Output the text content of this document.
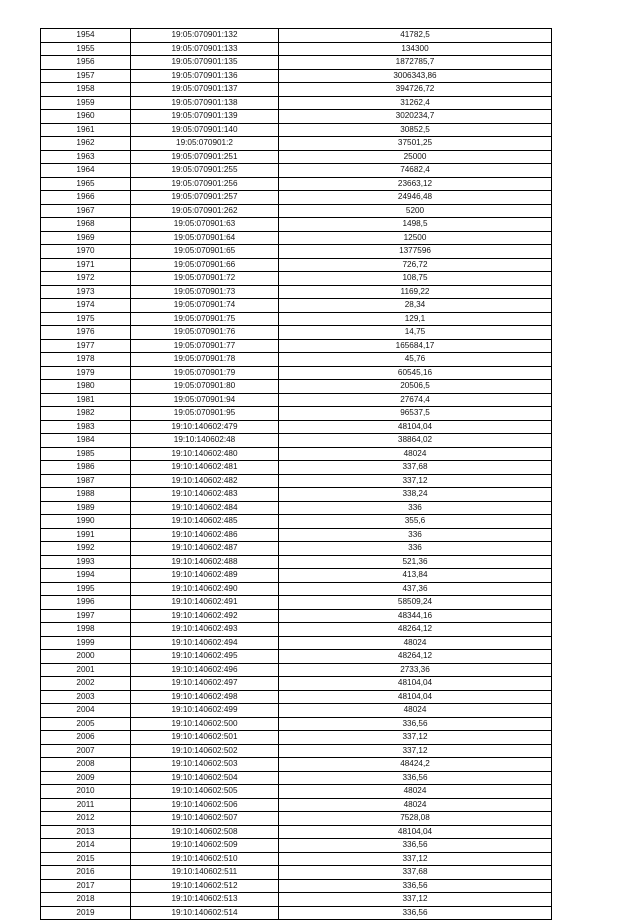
1954	19:05:070901:132	41782,5
1955	19:05:070901:133	134300
1956	19:05:070901:135	1872785,7
1957	19:05:070901:136	3006343,86
1958	19:05:070901:137	394726,72
1959	19:05:070901:138	31262,4
1960	19:05:070901:139	3020234,7
1961	19:05:070901:140	30852,5
1962	19:05:070901:2	37501,25
1963	19:05:070901:251	25000
1964	19:05:070901:255	74682,4
1965	19:05:070901:256	23663,12
1966	19:05:070901:257	24946,48
1967	19:05:070901:262	5200
1968	19:05:070901:63	1498,5
1969	19:05:070901:64	12500
1970	19:05:070901:65	1377596
1971	19:05:070901:66	726,72
1972	19:05:070901:72	108,75
1973	19:05:070901:73	1169,22
1974	19:05:070901:74	28,34
1975	19:05:070901:75	129,1
1976	19:05:070901:76	14,75
1977	19:05:070901:77	165684,17
1978	19:05:070901:78	45,76
1979	19:05:070901:79	60545,16
1980	19:05:070901:80	20506,5
1981	19:05:070901:94	27674,4
1982	19:05:070901:95	96537,5
1983	19:10:140602:479	48104,04
1984	19:10:140602:48	38864,02
1985	19:10:140602:480	48024
1986	19:10:140602:481	337,68
1987	19:10:140602:482	337,12
1988	19:10:140602:483	338,24
1989	19:10:140602:484	336
1990	19:10:140602:485	355,6
1991	19:10:140602:486	336
1992	19:10:140602:487	336
1993	19:10:140602:488	521,36
1994	19:10:140602:489	413,84
1995	19:10:140602:490	437,36
1996	19:10:140602:491	58509,24
1997	19:10:140602:492	48344,16
1998	19:10:140602:493	48264,12
1999	19:10:140602:494	48024
2000	19:10:140602:495	48264,12
2001	19:10:140602:496	2733,36
2002	19:10:140602:497	48104,04
2003	19:10:140602:498	48104,04
2004	19:10:140602:499	48024
2005	19:10:140602:500	336,56
2006	19:10:140602:501	337,12
2007	19:10:140602:502	337,12
2008	19:10:140602:503	48424,2
2009	19:10:140602:504	336,56
2010	19:10:140602:505	48024
2011	19:10:140602:506	48024
2012	19:10:140602:507	7528,08
2013	19:10:140602:508	48104,04
2014	19:10:140602:509	336,56
2015	19:10:140602:510	337,12
2016	19:10:140602:511	337,68
2017	19:10:140602:512	336,56
2018	19:10:140602:513	337,12
2019	19:10:140602:514	336,56
